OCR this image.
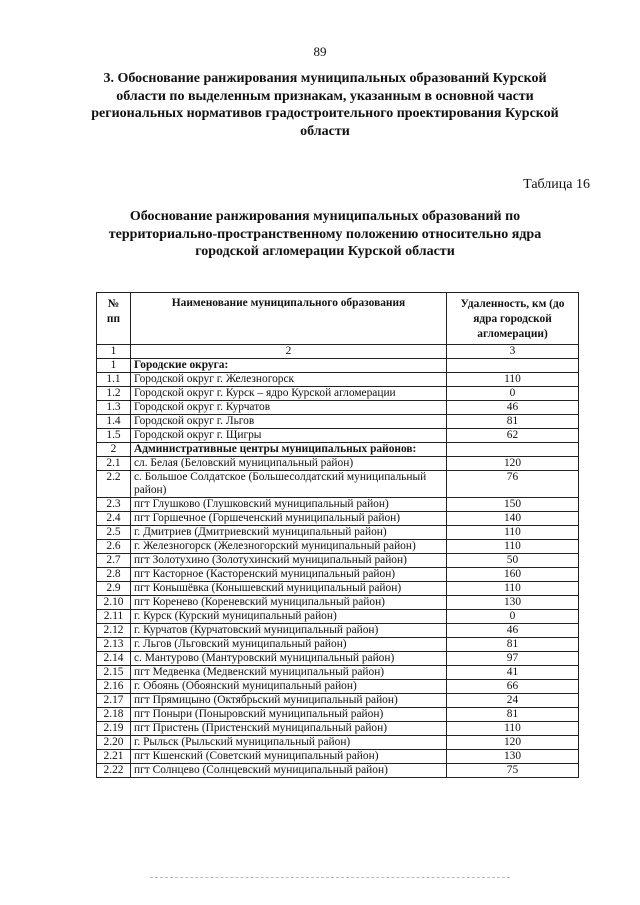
89
3. Обоснование ранжирования муниципальных образований Курской области по выделенным признакам, указанным в основной части региональных нормативов градостроительного проектирования Курской области
Таблица 16
Обоснование ранжирования муниципальных образований по территориально-пространственному положению относительно ядра городской агломерации Курской области
№ пп	Наименование муниципального образования	Удаленность, км (до ядра городской агломерации)
1	2	3
1	Городские округа:	
1.1	Городской округ г. Железногорск	110
1.2	Городской округ г. Курск – ядро Курской агломерации	0
1.3	Городской округ г. Курчатов	46
1.4	Городской округ г. Льгов	81
1.5	Городской округ г. Щигры	62
2	Административные центры муниципальных районов:	
2.1	сл. Белая (Беловский муниципальный район)	120
2.2	с. Большое Солдатское (Большесолдатский муниципальный район)	76
2.3	пгт Глушково (Глушковский муниципальный район)	150
2.4	пгт Горшечное (Горшеченский муниципальный район)	140
2.5	г. Дмитриев (Дмитриевский муниципальный район)	110
2.6	г. Железногорск (Железногорский муниципальный район)	110
2.7	пгт Золотухино (Золотухинский муниципальный район)	50
2.8	пгт Касторное (Касторенский муниципальный район)	160
2.9	пгт Конышёвка (Конышевский муниципальный район)	110
2.10	пгт Коренево (Кореневский муниципальный район)	130
2.11	г. Курск (Курский муниципальный район)	0
2.12	г. Курчатов (Курчатовский муниципальный район)	46
2.13	г. Льгов (Льговский муниципальный район)	81
2.14	с. Мантурово (Мантуровский муниципальный район)	97
2.15	пгт Медвенка (Медвенский муниципальный район)	41
2.16	г. Обоянь (Обоянский муниципальный район)	66
2.17	пгт Прямицыно (Октябрьский муниципальный район)	24
2.18	пгт Поныри (Поныровский муниципальный район)	81
2.19	пгт Пристень (Пристенский муниципальный район)	110
2.20	г. Рыльск (Рыльский муниципальный район)	120
2.21	пгт Кшенский (Советский муниципальный район)	130
2.22	пгт Солнцево (Солнцевский муниципальный район)	75
